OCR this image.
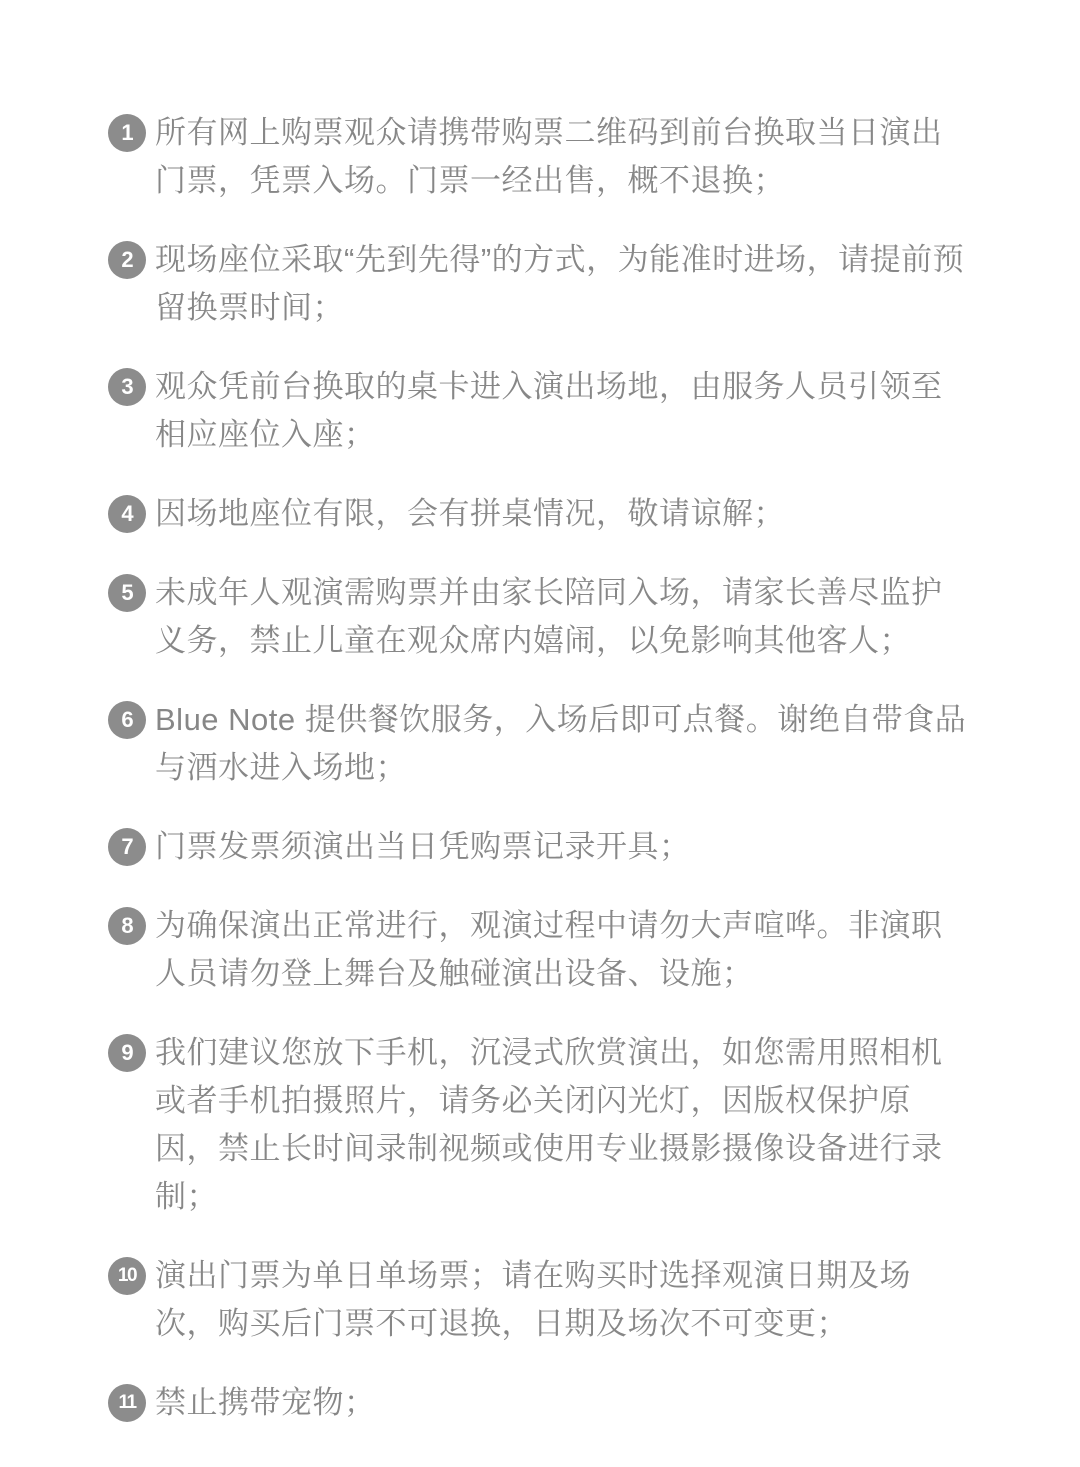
1 所有网上购票观众请携带购票二维码到前台换取当日演出门票，凭票入场。门票一经出售，概不退换；

2 现场座位采取“先到先得”的方式，为能准时进场，请提前预留换票时间；

3 观众凭前台换取的桌卡进入演出场地，由服务人员引领至相应座位入座；

4 因场地座位有限，会有拼桌情况，敬请谅解；

5 未成年人观演需购票并由家长陪同入场，请家长善尽监护义务，禁止儿童在观众席内嬉闹，以免影响其他客人；

6 Blue Note 提供餐饮服务，入场后即可点餐。谢绝自带食品与酒水进入场地；

7 门票发票须演出当日凭购票记录开具；

8 为确保演出正常进行，观演过程中请勿大声喧哗。非演职人员请勿登上舞台及触碰演出设备、设施；

9 我们建议您放下手机，沉浸式欣赏演出，如您需用照相机或者手机拍摄照片，请务必关闭闪光灯，因版权保护原因，禁止长时间录制视频或使用专业摄影摄像设备进行录制；

10 演出门票为单日单场票；请在购买时选择观演日期及场次，购买后门票不可退换，日期及场次不可变更；

11 禁止携带宠物；
